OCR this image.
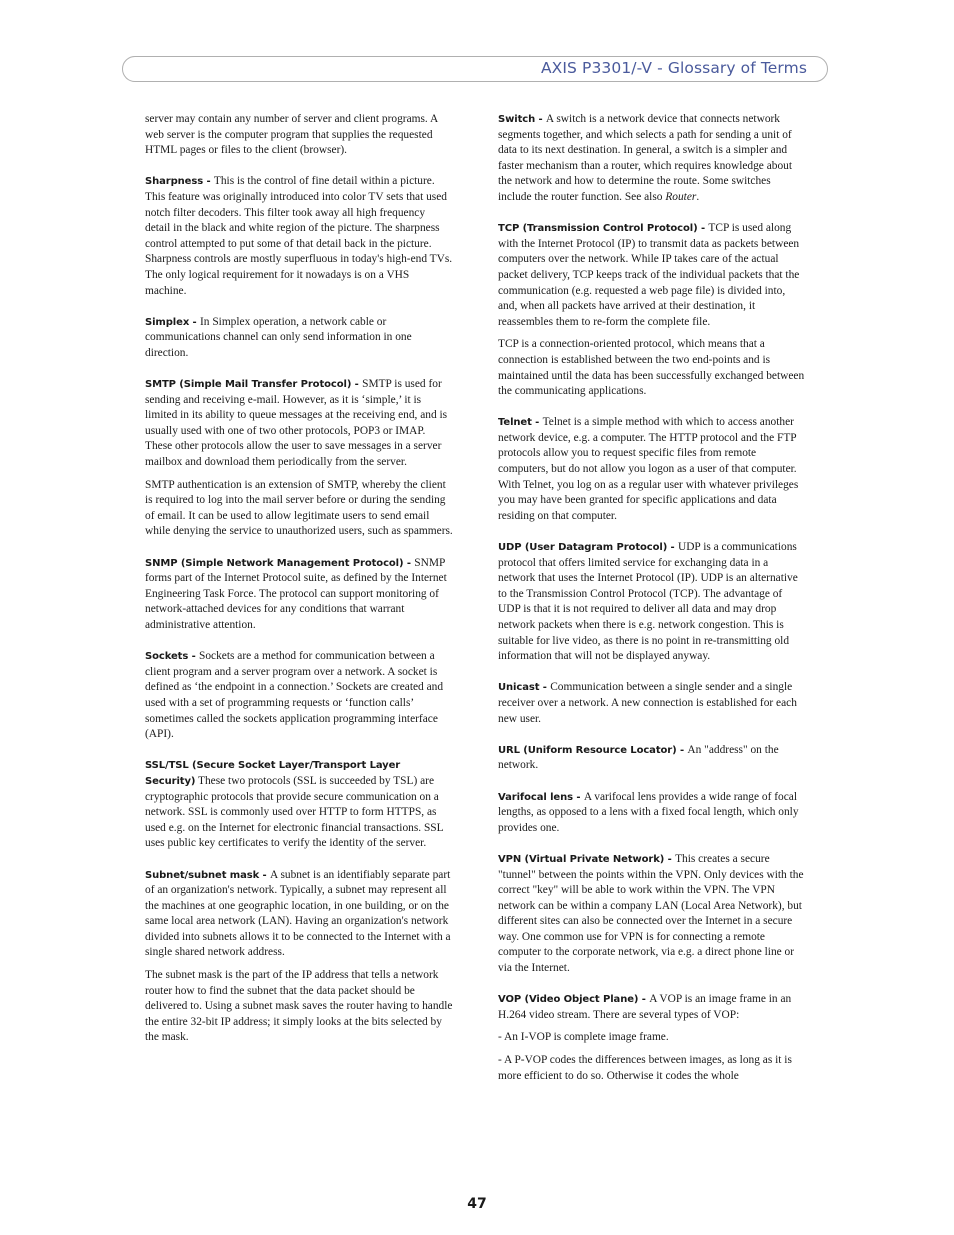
AXIS P3301/-V - Glossary of Terms

server may contain any number of server and client programs. A web server is the computer program that supplies the requested HTML pages or files to the client (browser).

Sharpness - This is the control of fine detail within a picture. This feature was originally introduced into color TV sets that used notch filter decoders. This filter took away all high frequency detail in the black and white region of the picture. The sharpness control attempted to put some of that detail back in the picture. Sharpness controls are mostly superfluous in today's high-end TVs. The only logical requirement for it nowadays is on a VHS machine.

Simplex - In Simplex operation, a network cable or communications channel can only send information in one direction.

SMTP (Simple Mail Transfer Protocol) - SMTP is used for sending and receiving e-mail. However, as it is ‘simple,’ it is limited in its ability to queue messages at the receiving end, and is usually used with one of two other protocols, POP3 or IMAP. These other protocols allow the user to save messages in a server mailbox and download them periodically from the server.

SMTP authentication is an extension of SMTP, whereby the client is required to log into the mail server before or during the sending of email. It can be used to allow legitimate users to send email while denying the service to unauthorized users, such as spammers.

SNMP (Simple Network Management Protocol) - SNMP forms part of the Internet Protocol suite, as defined by the Internet Engineering Task Force. The protocol can support monitoring of network-attached devices for any conditions that warrant administrative attention.

Sockets - Sockets are a method for communication between a client program and a server program over a network. A socket is defined as ‘the endpoint in a connection.’ Sockets are created and used with a set of programming requests or ‘function calls’ sometimes called the sockets application programming interface (API).

SSL/TSL (Secure Socket Layer/Transport Layer Security) These two protocols (SSL is succeeded by TSL) are cryptographic protocols that provide secure communication on a network. SSL is commonly used over HTTP to form HTTPS, as used e.g. on the Internet for electronic financial transactions. SSL uses public key certificates to verify the identity of the server.

Subnet/subnet mask - A subnet is an identifiably separate part of an organization's network. Typically, a subnet may represent all the machines at one geographic location, in one building, or on the same local area network (LAN). Having an organization's network divided into subnets allows it to be connected to the Internet with a single shared network address.

The subnet mask is the part of the IP address that tells a network router how to find the subnet that the data packet should be delivered to. Using a subnet mask saves the router having to handle the entire 32-bit IP address; it simply looks at the bits selected by the mask.

Switch - A switch is a network device that connects network segments together, and which selects a path for sending a unit of data to its next destination. In general, a switch is a simpler and faster mechanism than a router, which requires knowledge about the network and how to determine the route. Some switches include the router function. See also Router.

TCP (Transmission Control Protocol) - TCP is used along with the Internet Protocol (IP) to transmit data as packets between computers over the network. While IP takes care of the actual packet delivery, TCP keeps track of the individual packets that the communication (e.g. requested a web page file) is divided into, and, when all packets have arrived at their destination, it reassembles them to re-form the complete file.

TCP is a connection-oriented protocol, which means that a connection is established between the two end-points and is maintained until the data has been successfully exchanged between the communicating applications.

Telnet - Telnet is a simple method with which to access another network device, e.g. a computer. The HTTP protocol and the FTP protocols allow you to request specific files from remote computers, but do not allow you logon as a user of that computer. With Telnet, you log on as a regular user with whatever privileges you may have been granted for specific applications and data residing on that computer.

UDP (User Datagram Protocol) - UDP is a communications protocol that offers limited service for exchanging data in a network that uses the Internet Protocol (IP). UDP is an alternative to the Transmission Control Protocol (TCP). The advantage of UDP is that it is not required to deliver all data and may drop network packets when there is e.g. network congestion. This is suitable for live video, as there is no point in re-transmitting old information that will not be displayed anyway.

Unicast - Communication between a single sender and a single receiver over a network. A new connection is established for each new user.

URL (Uniform Resource Locator) - An "address" on the network.

Varifocal lens - A varifocal lens provides a wide range of focal lengths, as opposed to a lens with a fixed focal length, which only provides one.

VPN (Virtual Private Network) - This creates a secure "tunnel" between the points within the VPN. Only devices with the correct "key" will be able to work within the VPN. The VPN network can be within a company LAN (Local Area Network), but different sites can also be connected over the Internet in a secure way. One common use for VPN is for connecting a remote computer to the corporate network, via e.g. a direct phone line or via the Internet.

VOP (Video Object Plane) - A VOP is an image frame in an H.264 video stream. There are several types of VOP:

- An I-VOP is complete image frame.

- A P-VOP codes the differences between images, as long as it is more efficient to do so. Otherwise it codes the whole

47
